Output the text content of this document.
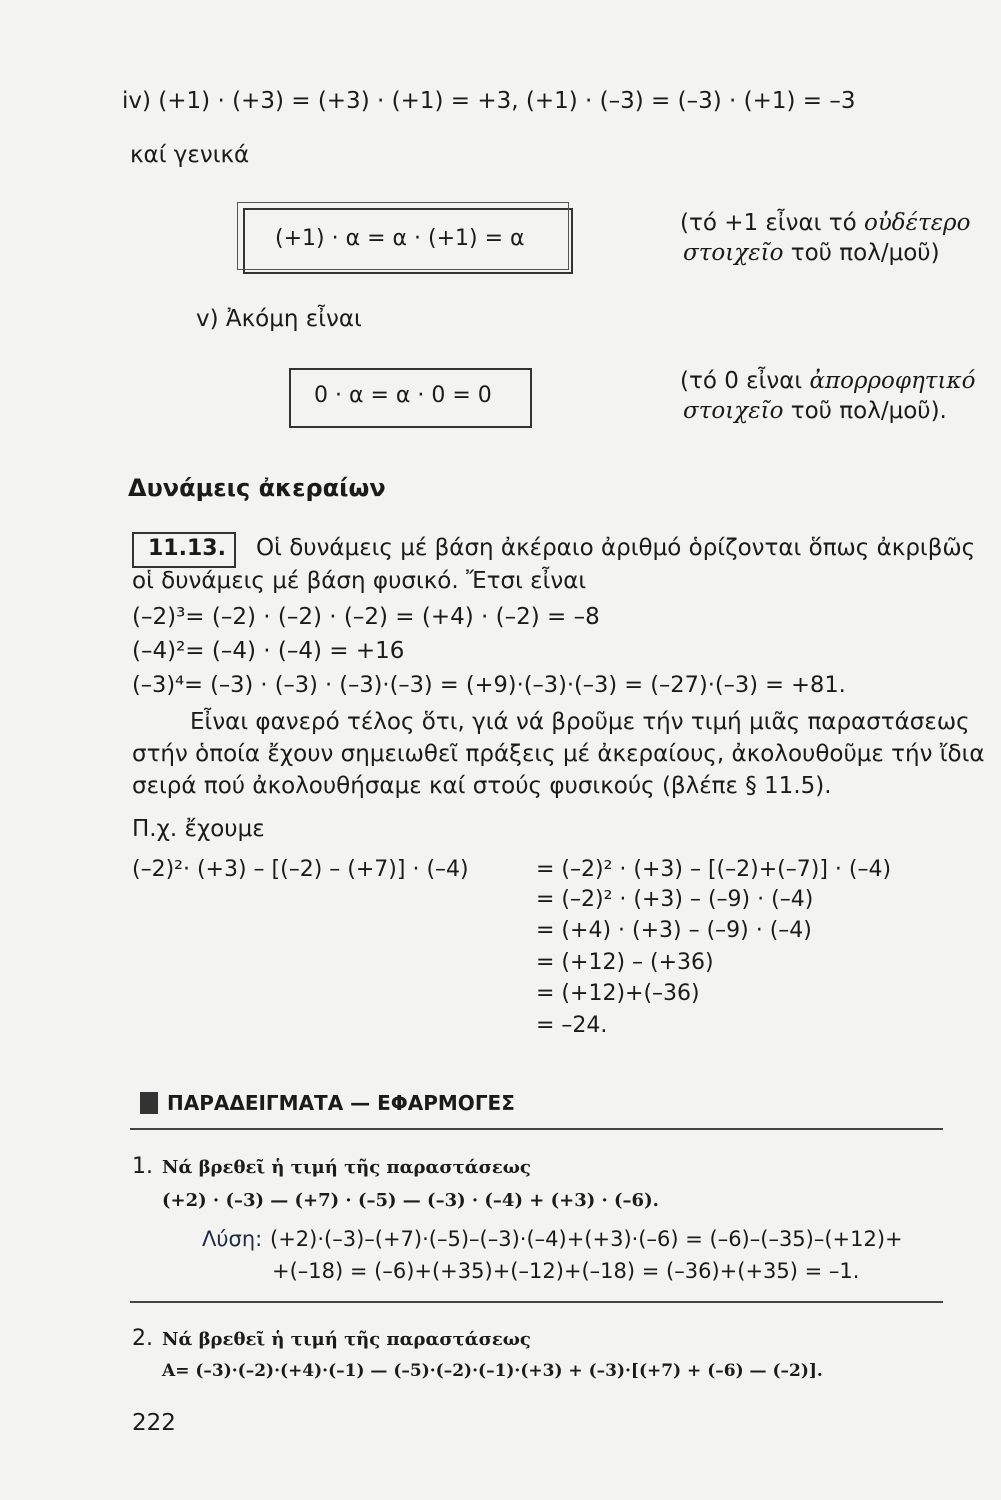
iv) (+1) · (+3) = (+3) · (+1) = +3, (+1) · (–3) = (–3) · (+1) = –3
καί γενικά
(+1) · α = α · (+1) = α
(τό +1 εἶναι τό οὐδέτερο
στοιχεῖο τοῦ πολ/μοῦ)
v) Ἀκόμη εἶναι
0 · α = α · 0 = 0
(τό 0 εἶναι ἀπορροφητικό
στοιχεῖο τοῦ πολ/μοῦ).
Δυνάμεις ἀκεραίων
11.13. Οἱ δυνάμεις μέ βάση ἀκέραιο ἀριθμό ὁρίζονται ὅπως ἀκριβῶς
οἱ δυνάμεις μέ βάση φυσικό. Ἔτσι εἶναι
(–2)³= (–2) · (–2) · (–2) = (+4) · (–2) = –8
(–4)²= (–4) · (–4) = +16
(–3)⁴= (–3) · (–3) · (–3)·(–3) = (+9)·(–3)·(–3) = (–27)·(–3) = +81.
Εἶναι φανερό τέλος ὅτι, γιά νά βροῦμε τήν τιμή μιᾶς παραστάσεως
στήν ὁποία ἔχουν σημειωθεῖ πράξεις μέ ἀκεραίους, ἀκολουθοῦμε τήν ἴδια
σειρά πού ἀκολουθήσαμε καί στούς φυσικούς (βλέπε § 11.5).
Π.χ. ἔχουμε
(–2)²· (+3) – [(–2) – (+7)] · (–4)	= (–2)² · (+3) – [(–2)+(–7)] · (–4)
= (–2)² · (+3) – (–9) · (–4)
= (+4) · (+3) – (–9) · (–4)
= (+12) – (+36)
= (+12)+(–36)
= –24.
ΠΑΡΑΔΕΙΓΜΑΤΑ — ΕΦΑΡΜΟΓΕΣ
1. Νά βρεθεῖ ἡ τιμή τῆς παραστάσεως
(+2) · (–3) — (+7) · (–5) — (–3) · (–4) + (+3) · (–6).
Λύση: (+2)·(–3)–(+7)·(–5)–(–3)·(–4)+(+3)·(–6) = (–6)–(–35)–(+12)+
+(–18) = (–6)+(+35)+(–12)+(–18) = (–36)+(+35) = –1.
2. Νά βρεθεῖ ἡ τιμή τῆς παραστάσεως
A= (–3)·(–2)·(+4)·(–1) — (–5)·(–2)·(–1)·(+3) + (–3)·[(+7) + (–6) — (–2)].
222
